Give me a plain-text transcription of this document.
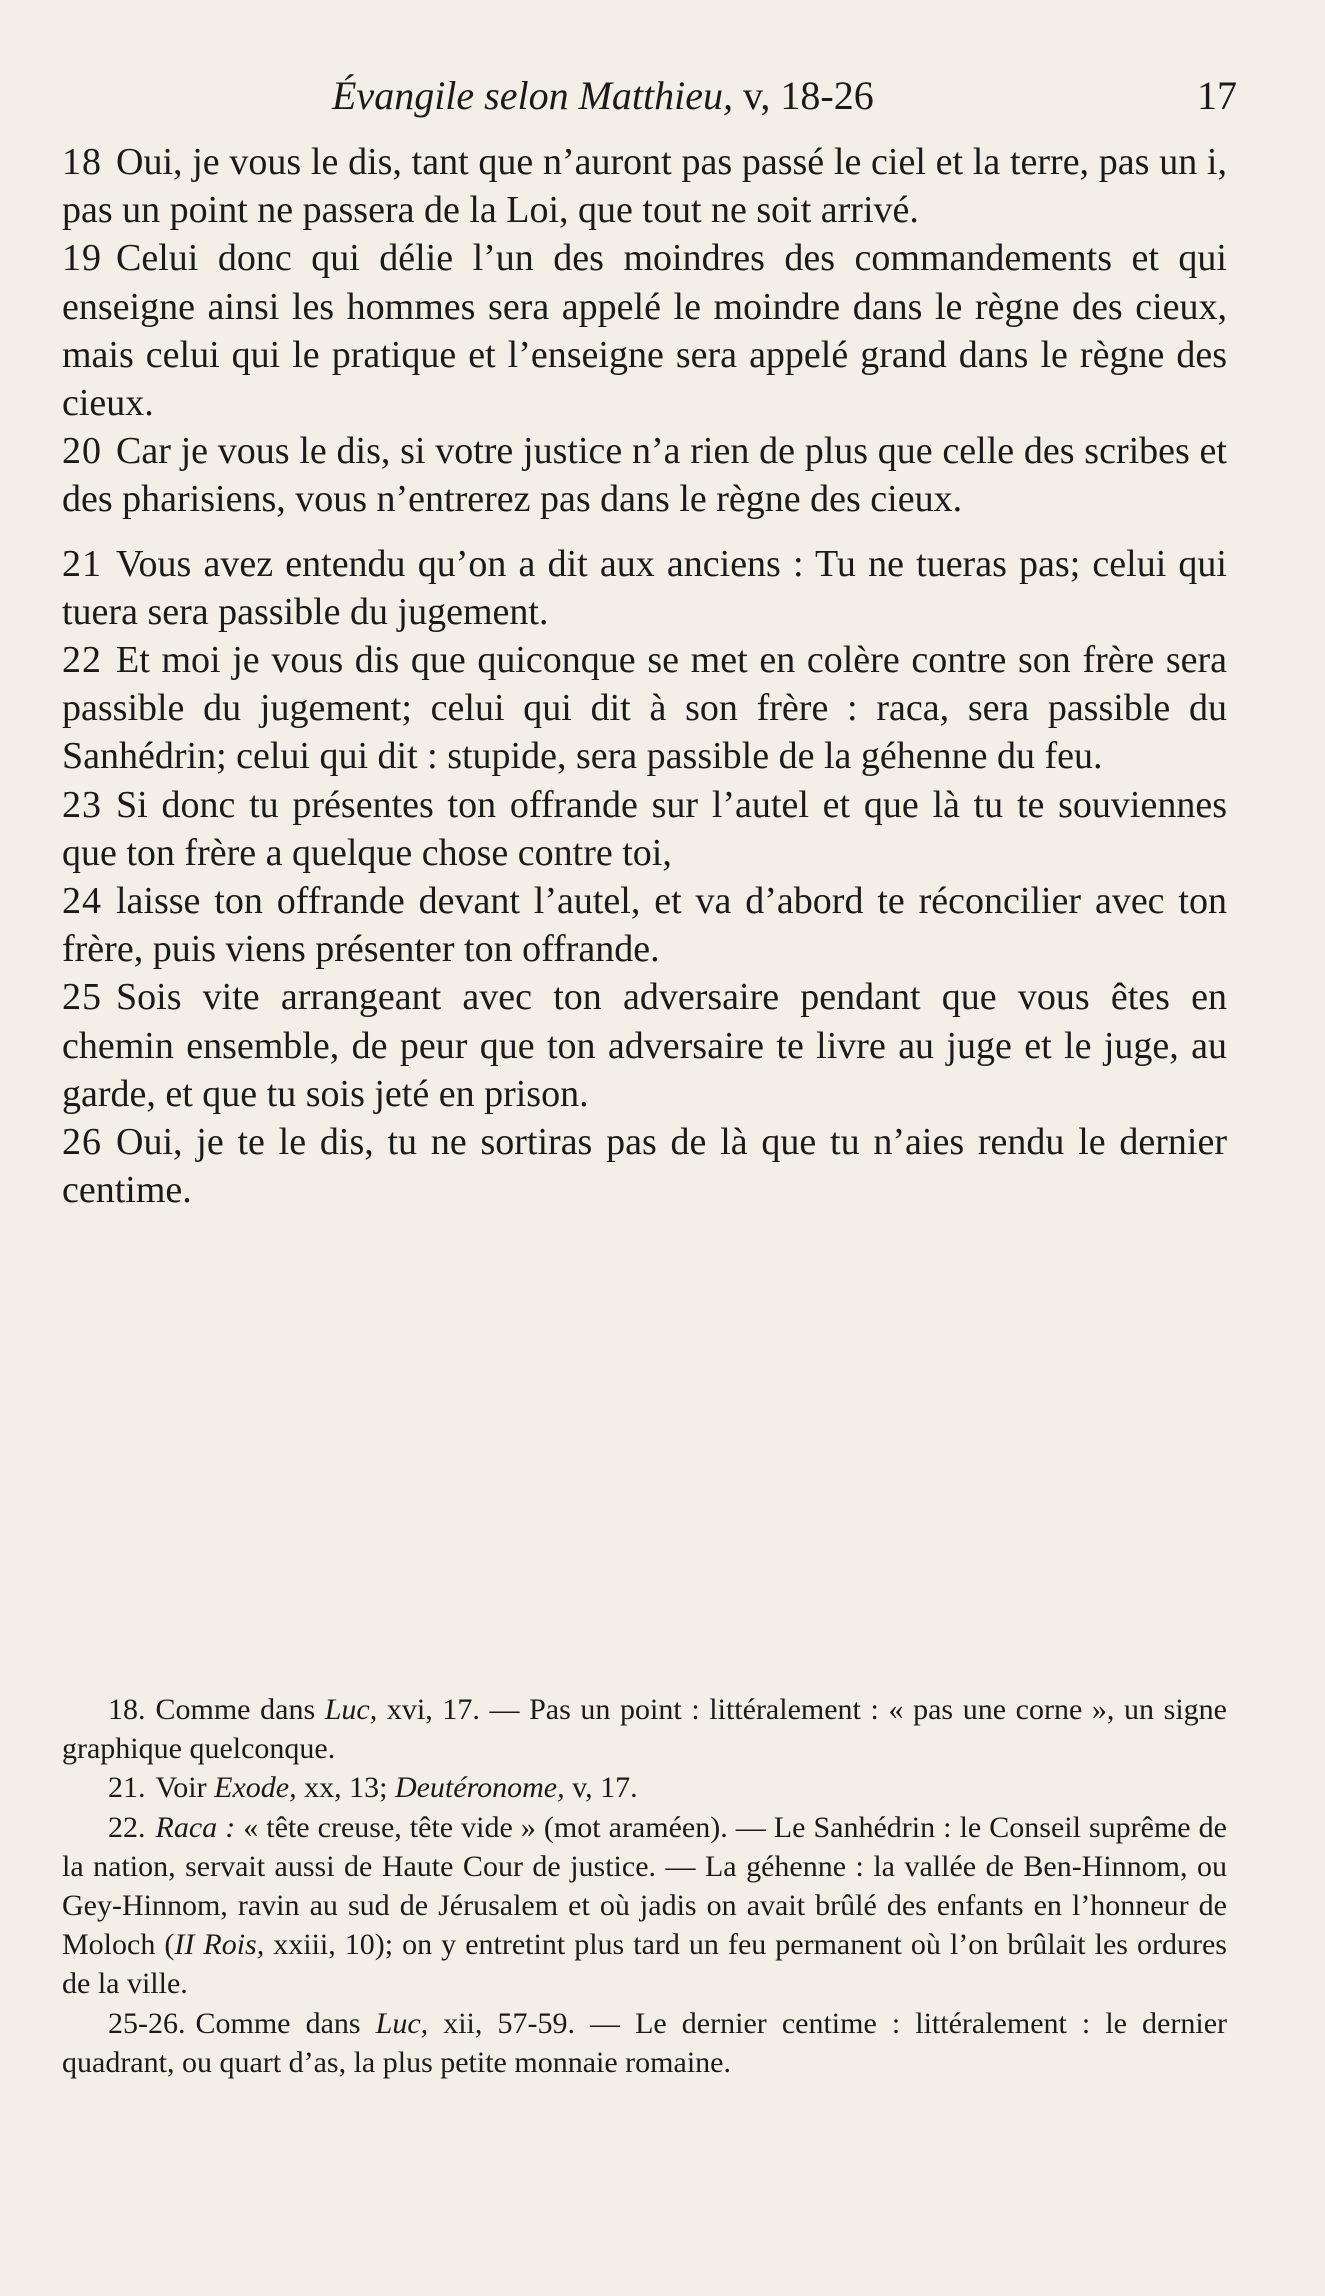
Évangile selon Matthieu, v, 18-26	17

18 Oui, je vous le dis, tant que n’auront pas passé le ciel et la terre, pas un i, pas un point ne passera de la Loi, que tout ne soit arrivé.

19 Celui donc qui délie l’un des moindres des commandements et qui enseigne ainsi les hommes sera appelé le moindre dans le règne des cieux, mais celui qui le pratique et l’enseigne sera appelé grand dans le règne des cieux.

20 Car je vous le dis, si votre justice n’a rien de plus que celle des scribes et des pharisiens, vous n’entrerez pas dans le règne des cieux.

21 Vous avez entendu qu’on a dit aux anciens : Tu ne tueras pas; celui qui tuera sera passible du jugement.

22 Et moi je vous dis que quiconque se met en colère contre son frère sera passible du jugement; celui qui dit à son frère : raca, sera passible du Sanhédrin; celui qui dit : stupide, sera passible de la géhenne du feu.

23 Si donc tu présentes ton offrande sur l’autel et que là tu te souviennes que ton frère a quelque chose contre toi,

24 laisse ton offrande devant l’autel, et va d’abord te réconcilier avec ton frère, puis viens présenter ton offrande.

25 Sois vite arrangeant avec ton adversaire pendant que vous êtes en chemin ensemble, de peur que ton adversaire te livre au juge et le juge, au garde, et que tu sois jeté en prison.

26 Oui, je te le dis, tu ne sortiras pas de là que tu n’aies rendu le dernier centime.

18. Comme dans Luc, xvi, 17. — Pas un point : littéralement : « pas une corne », un signe graphique quelconque.

21. Voir Exode, xx, 13; Deutéronome, v, 17.

22. Raca : « tête creuse, tête vide » (mot araméen). — Le Sanhédrin : le Conseil suprême de la nation, servait aussi de Haute Cour de justice. — La géhenne : la vallée de Ben-Hinnom, ou Gey-Hinnom, ravin au sud de Jérusalem et où jadis on avait brûlé des enfants en l’honneur de Moloch (II Rois, xxiii, 10); on y entretint plus tard un feu permanent où l’on brûlait les ordures de la ville.

25-26. Comme dans Luc, xii, 57-59. — Le dernier centime : littéralement : le dernier quadrant, ou quart d’as, la plus petite monnaie romaine.
